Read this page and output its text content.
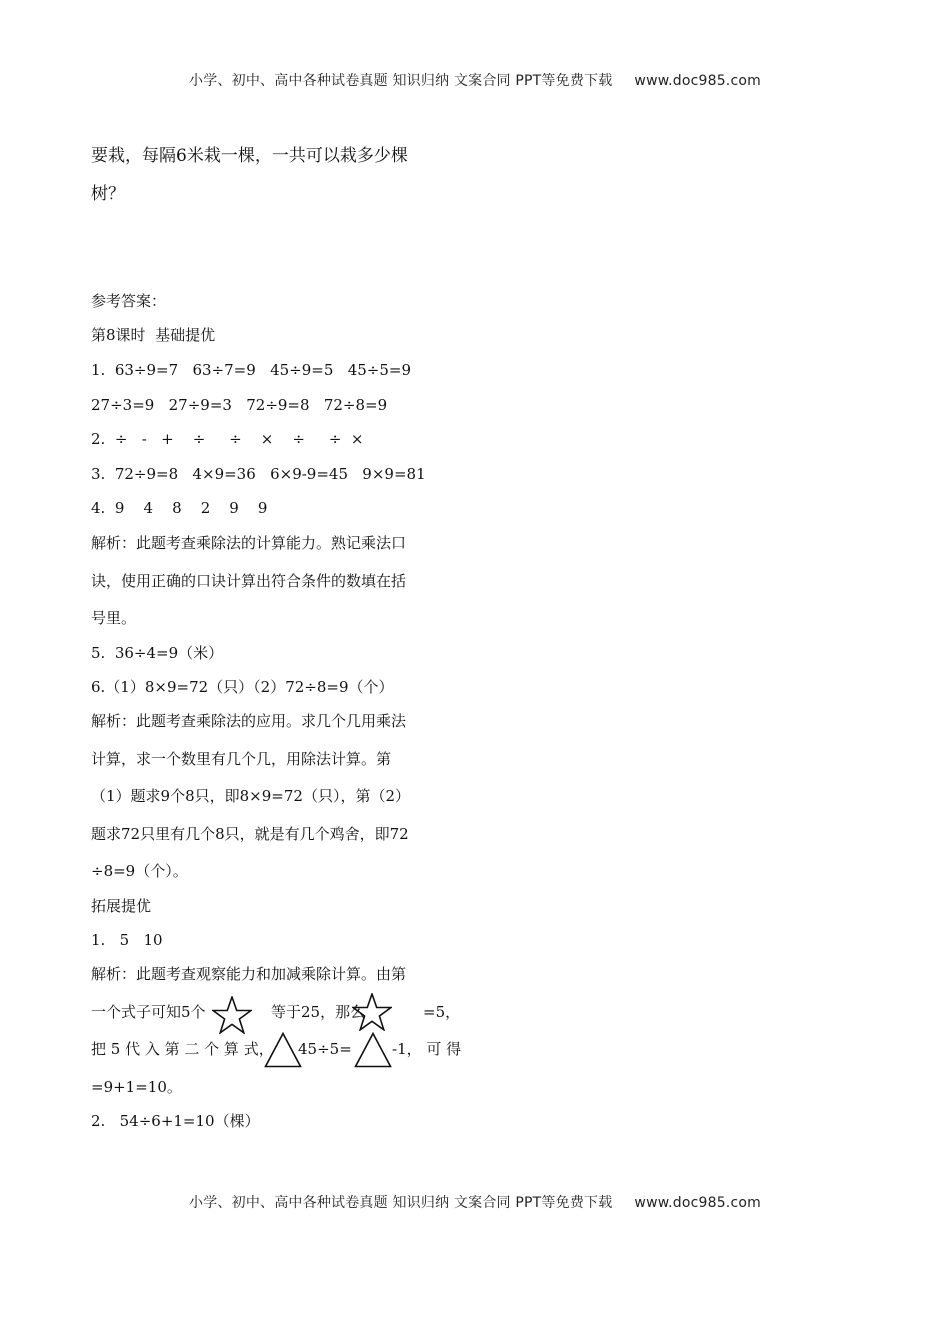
小学、初中、高中各种试卷真题 知识归纳 文案合同 PPT等免费下载 www.doc985.com
要栽，每隔6米栽一棵，一共可以栽多少棵
树？
参考答案：
第8课时  基础提优
1.  63÷9=7   63÷7=9   45÷9=5   45÷5=9
27÷3=9   27÷9=3   72÷9=8   72÷8=9
2.  ÷   -   +    ÷     ÷    ×    ÷     ÷  ×
3.  72÷9=8   4×9=36   6×9-9=45   9×9=81
4.  9    4    8    2    9    9
解析：此题考查乘除法的计算能力。熟记乘法口
诀，使用正确的口诀计算出符合条件的数填在括
号里。
5.  36÷4=9（米）
6.（1）8×9=72（只）（2）72÷8=9（个）
解析：此题考查乘除法的应用。求几个几用乘法
计算，求一个数里有几个几，用除法计算。第
（1）题求9个8只，即8×9=72（只），第（2）
题求72只里有几个8只，就是有几个鸡舍，即72
÷8=9（个）。
拓展提优
1.   5   10
解析：此题考查观察能力和加减乘除计算。由第
一个式子可知5个	等于25，那么	=5，
把 5 代 入 第 二 个 算 式， 45÷5=	-1， 可 得
=9+1=10。
2.   54÷6+1=10（棵）
小学、初中、高中各种试卷真题 知识归纳 文案合同 PPT等免费下载 www.doc985.com
